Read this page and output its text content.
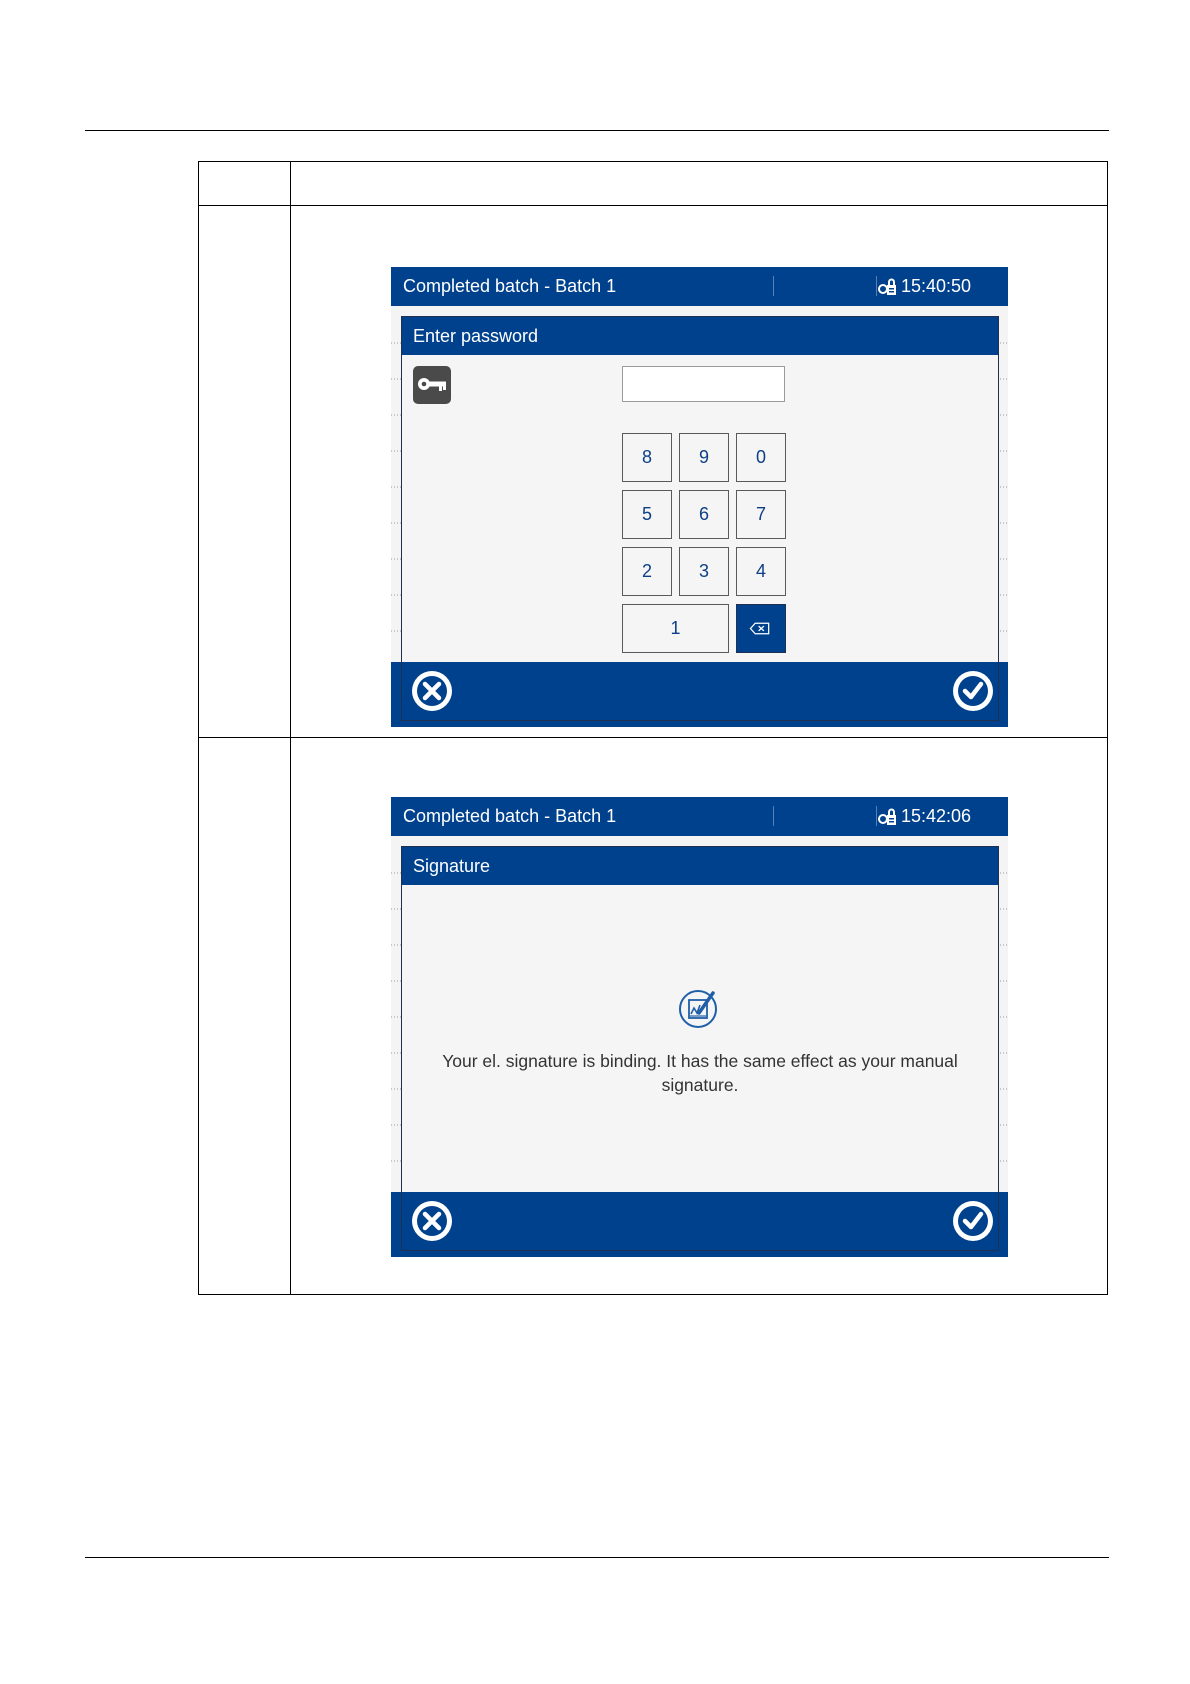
Completed batch - Batch 1	15:40:50
Enter password
8	9	0
5	6	7
2	3	4
1
Completed batch - Batch 1	15:42:06
Signature
Your el. signature is binding. It has the same effect as your manual signature.
